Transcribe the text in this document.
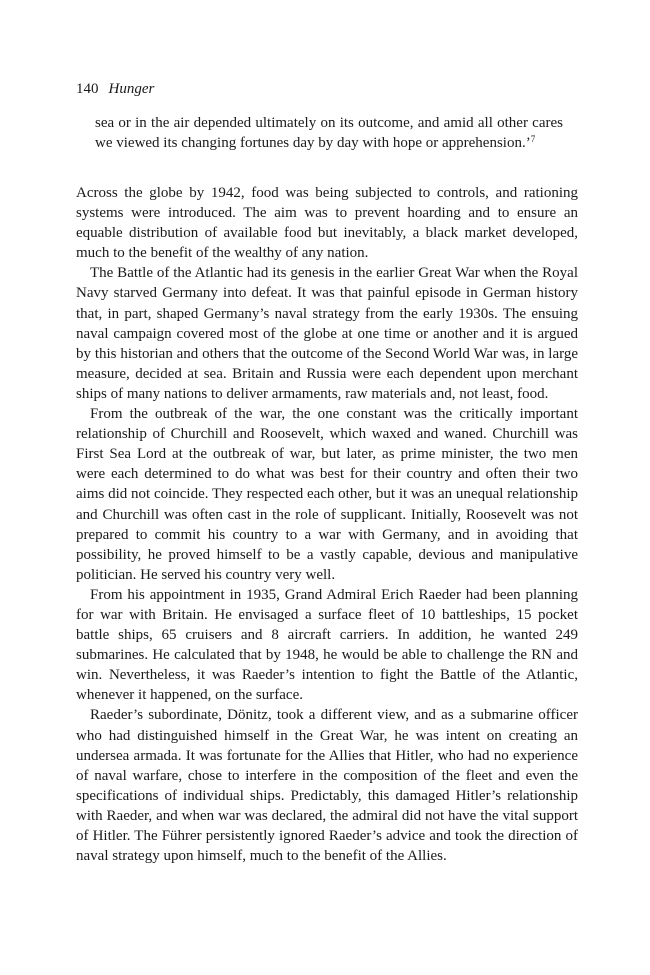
140 Hunger

sea or in the air depended ultimately on its outcome, and amid all other cares we viewed its changing fortunes day by day with hope or apprehension.’$^7$

Across the globe by 1942, food was being subjected to controls, and rationing systems were introduced. The aim was to prevent hoarding and to ensure an equable distribution of available food but inevitably, a black market developed, much to the benefit of the wealthy of any nation.

The Battle of the Atlantic had its genesis in the earlier Great War when the Royal Navy starved Germany into defeat. It was that painful episode in German history that, in part, shaped Germany’s naval strategy from the early 1930s. The ensuing naval campaign covered most of the globe at one time or another and it is argued by this historian and others that the outcome of the Second World War was, in large measure, decided at sea. Britain and Russia were each dependent upon merchant ships of many nations to deliver armaments, raw materials and, not least, food.

From the outbreak of the war, the one constant was the critically important relationship of Churchill and Roosevelt, which waxed and waned. Churchill was First Sea Lord at the outbreak of war, but later, as prime minister, the two men were each determined to do what was best for their country and often their two aims did not coincide. They respected each other, but it was an unequal relationship and Churchill was often cast in the role of supplicant. Initially, Roosevelt was not prepared to commit his country to a war with Germany, and in avoiding that possibility, he proved himself to be a vastly capable, devious and manipulative politician. He served his country very well.

From his appointment in 1935, Grand Admiral Erich Raeder had been planning for war with Britain. He envisaged a surface fleet of 10 battleships, 15 pocket battle ships, 65 cruisers and 8 aircraft carriers. In addition, he wanted 249 submarines. He calculated that by 1948, he would be able to challenge the RN and win. Nevertheless, it was Raeder’s intention to fight the Battle of the Atlantic, whenever it happened, on the surface.

Raeder’s subordinate, Dönitz, took a different view, and as a submarine officer who had distinguished himself in the Great War, he was intent on creating an undersea armada. It was fortunate for the Allies that Hitler, who had no experience of naval warfare, chose to interfere in the composition of the fleet and even the specifications of individual ships. Predictably, this damaged Hitler’s relationship with Raeder, and when war was declared, the admiral did not have the vital support of Hitler. The Führer persistently ignored Raeder’s advice and took the direction of naval strategy upon himself, much to the benefit of the Allies.
